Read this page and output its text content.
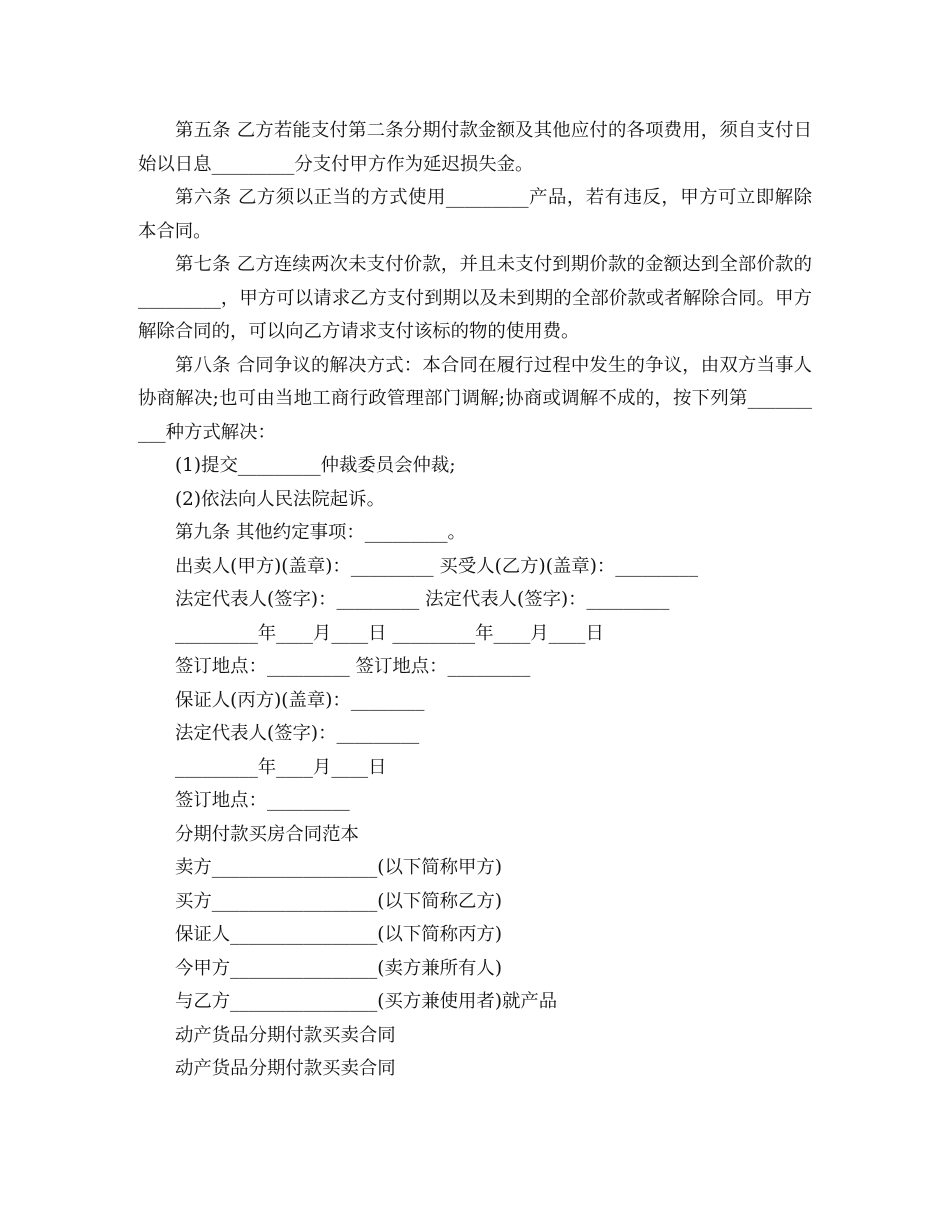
第五条 乙方若能支付第二条分期付款金额及其他应付的各项费用，须自支付日始以日息_________分支付甲方作为延迟损失金。

第六条 乙方须以正当的方式使用_________产品，若有违反，甲方可立即解除本合同。

第七条 乙方连续两次未支付价款，并且未支付到期价款的金额达到全部价款的_________，甲方可以请求乙方支付到期以及未到期的全部价款或者解除合同。甲方解除合同的，可以向乙方请求支付该标的物的使用费。

第八条 合同争议的解决方式：本合同在履行过程中发生的争议，由双方当事人协商解决;也可由当地工商行政管理部门调解;协商或调解不成的，按下列第__________种方式解决：

(1)提交_________仲裁委员会仲裁;

(2)依法向人民法院起诉。

第九条 其他约定事项：_________。

出卖人(甲方)(盖章)：_________ 买受人(乙方)(盖章)：_________

法定代表人(签字)：_________ 法定代表人(签字)：_________

_________年____月____日 _________年____月____日

签订地点：_________ 签订地点：_________

保证人(丙方)(盖章)：________

法定代表人(签字)：_________

_________年____月____日

签订地点：_________

分期付款买房合同范本

卖方__________________(以下简称甲方)

买方__________________(以下简称乙方)

保证人________________(以下简称丙方)

今甲方________________(卖方兼所有人)

与乙方________________(买方兼使用者)就产品

动产货品分期付款买卖合同

动产货品分期付款买卖合同
